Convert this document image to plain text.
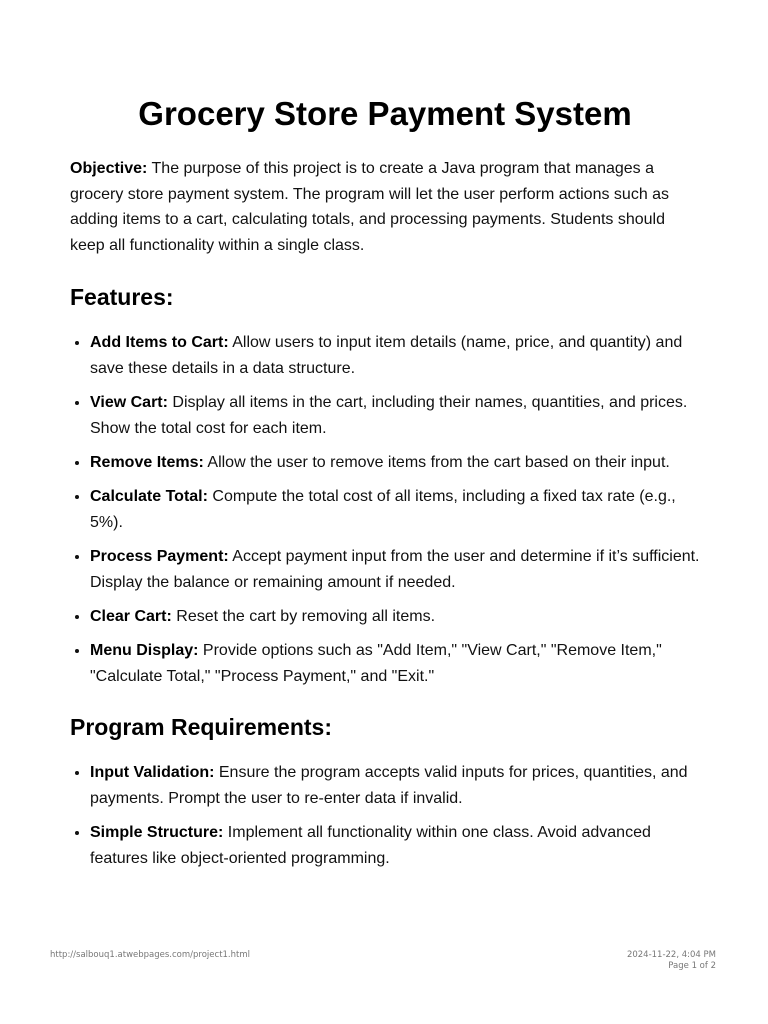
Grocery Store Payment System

Objective: The purpose of this project is to create a Java program that manages a grocery store payment system. The program will let the user perform actions such as adding items to a cart, calculating totals, and processing payments. Students should keep all functionality within a single class.

Features:
• Add Items to Cart: Allow users to input item details (name, price, and quantity) and save these details in a data structure.
• View Cart: Display all items in the cart, including their names, quantities, and prices. Show the total cost for each item.
• Remove Items: Allow the user to remove items from the cart based on their input.
• Calculate Total: Compute the total cost of all items, including a fixed tax rate (e.g., 5%).
• Process Payment: Accept payment input from the user and determine if it’s sufficient. Display the balance or remaining amount if needed.
• Clear Cart: Reset the cart by removing all items.
• Menu Display: Provide options such as "Add Item," "View Cart," "Remove Item," "Calculate Total," "Process Payment," and "Exit."
Program Requirements:
• Input Validation: Ensure the program accepts valid inputs for prices, quantities, and payments. Prompt the user to re-enter data if invalid.
• Simple Structure: Implement all functionality within one class. Avoid advanced features like object-oriented programming.
http://salbouq1.atwebpages.com/project1.html	2024-11-22, 4:04 PM
Page 1 of 2
